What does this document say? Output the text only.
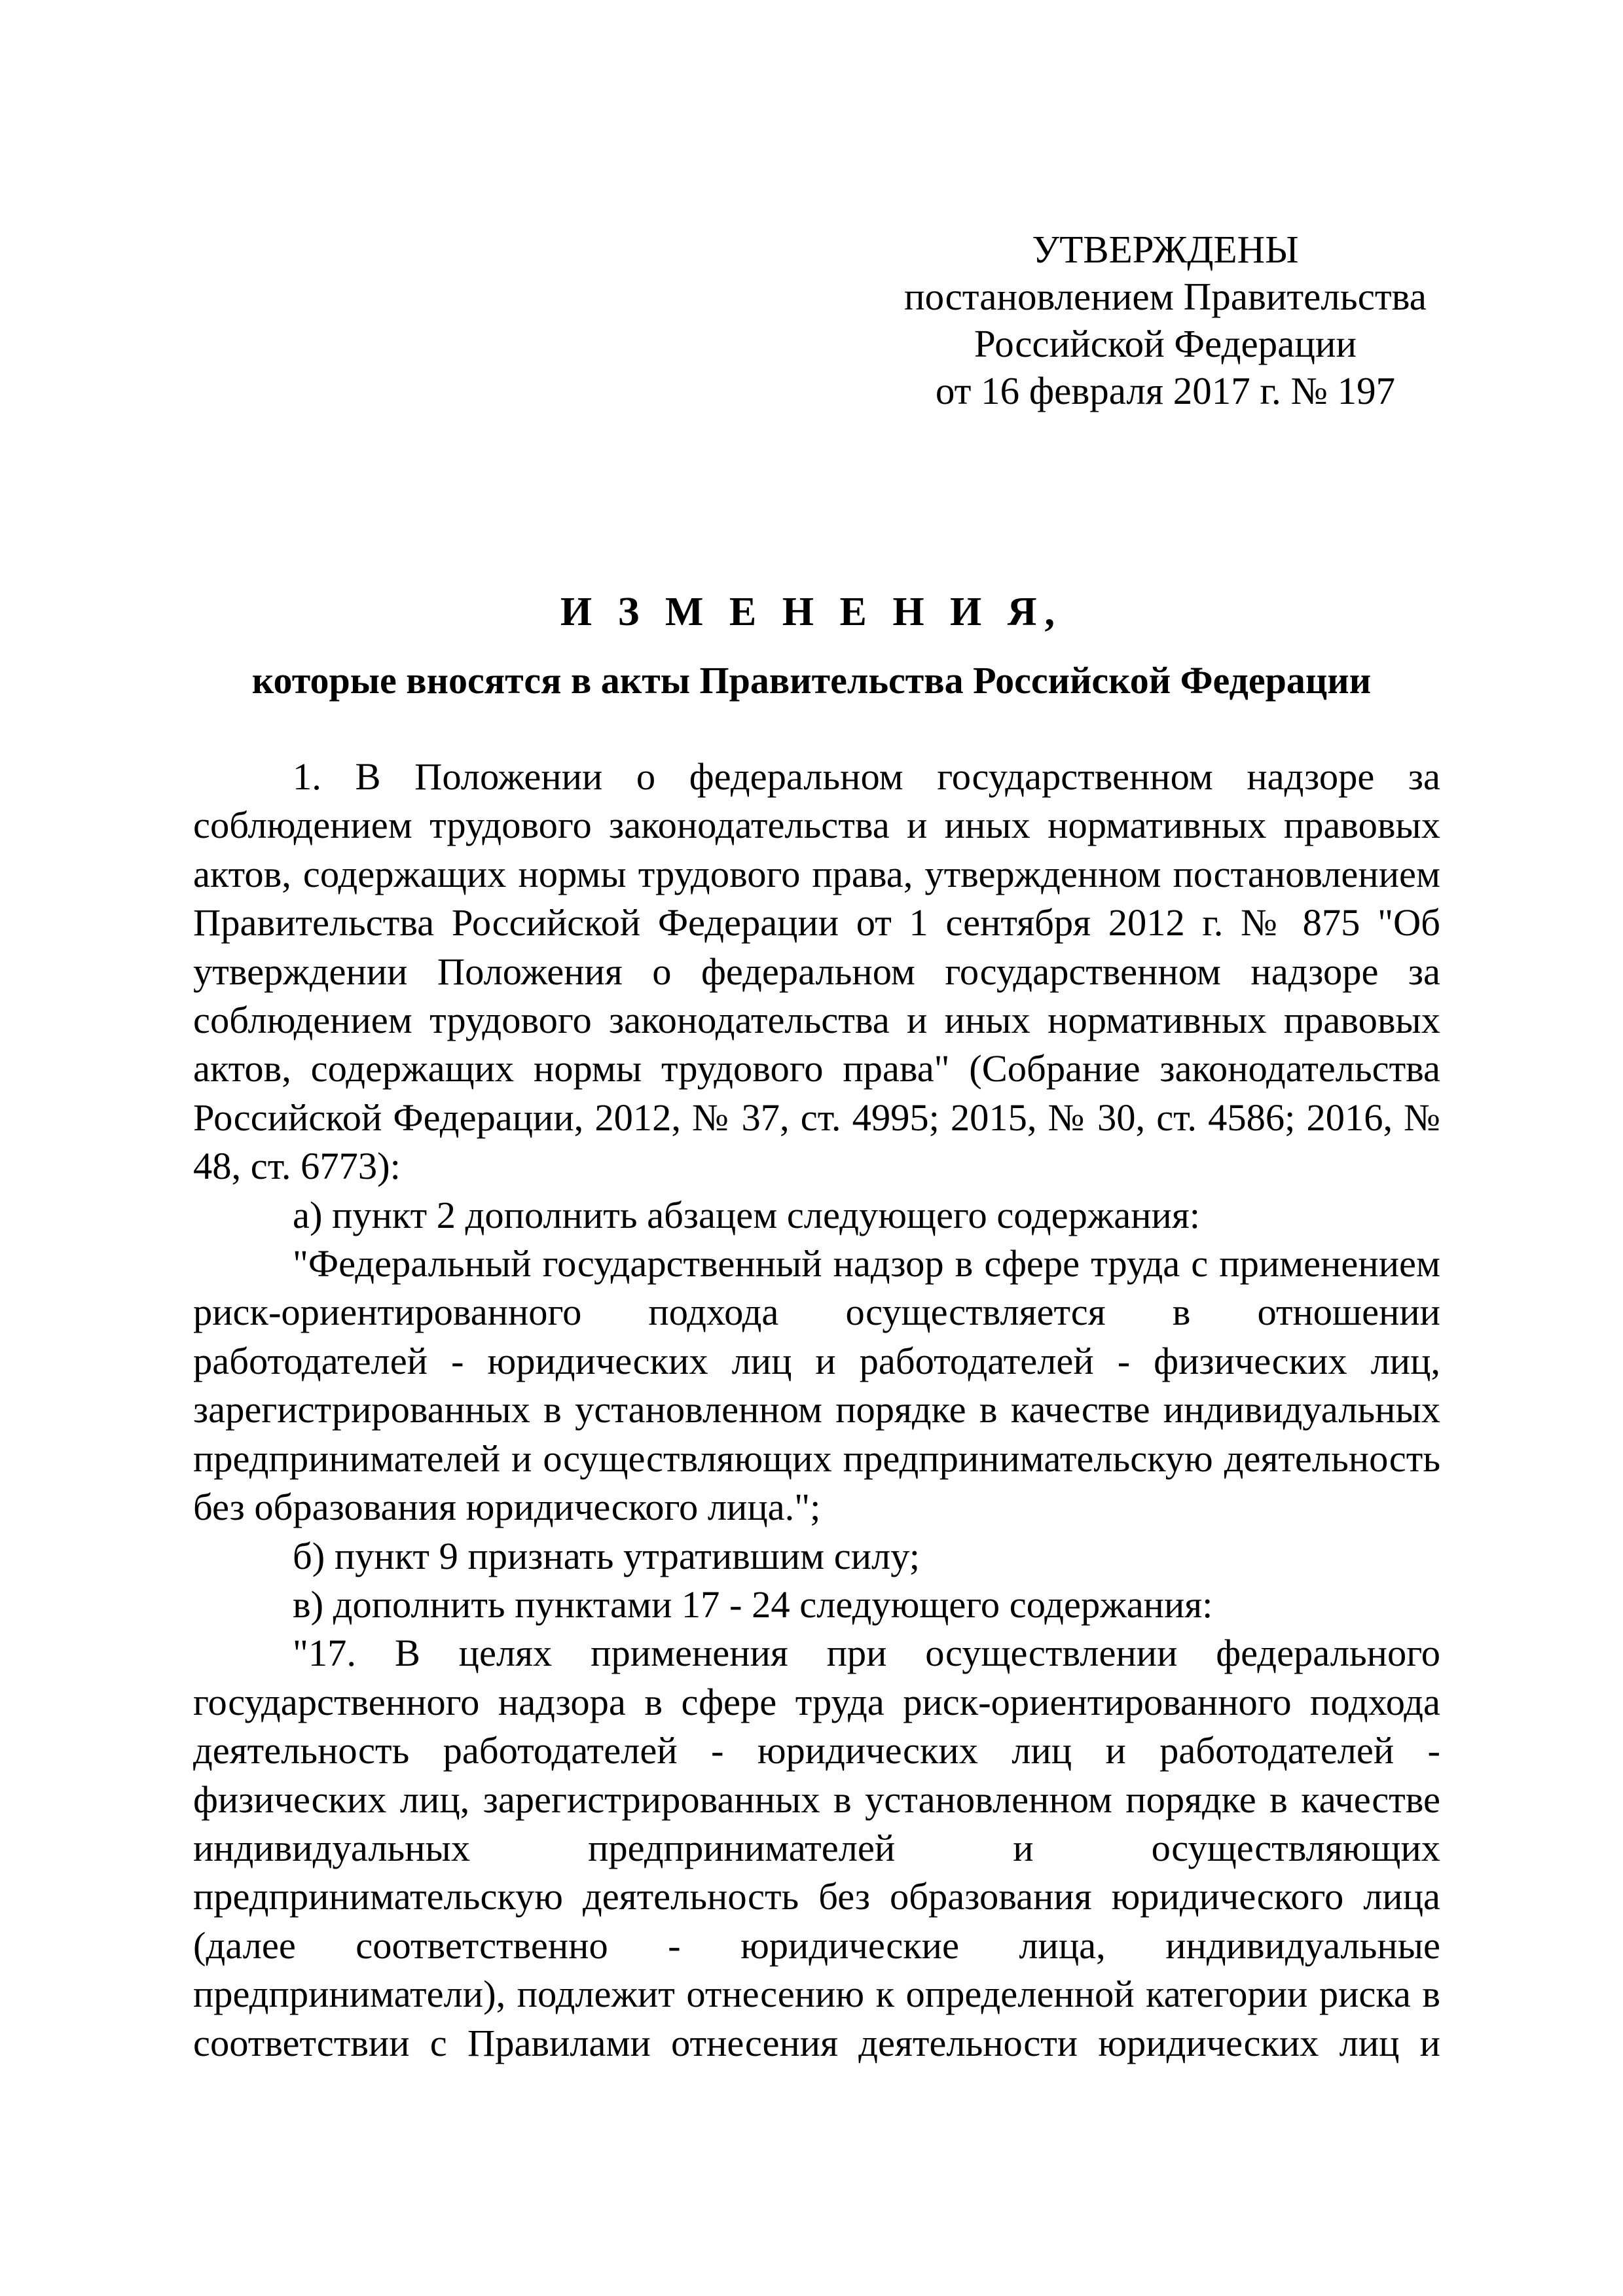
УТВЕРЖДЕНЫ
постановлением Правительства
Российской Федерации
от 16 февраля 2017 г. № 197
И З М Е Н Е Н И Я,
которые вносятся в акты Правительства Российской Федерации

1. В Положении о федеральном государственном надзоре за соблюдением трудового законодательства и иных нормативных правовых актов, содержащих нормы трудового права, утвержденном постановлением Правительства Российской Федерации от 1 сентября 2012 г. № 875 "Об утверждении Положения о федеральном государственном надзоре за соблюдением трудового законодательства и иных нормативных правовых актов, содержащих нормы трудового права" (Собрание законодательства Российской Федерации, 2012, № 37, ст. 4995; 2015, № 30, ст. 4586; 2016, № 48, ст. 6773):

а) пункт 2 дополнить абзацем следующего содержания:

"Федеральный государственный надзор в сфере труда с применением риск-ориентированного подхода осуществляется в отношении работодателей - юридических лиц и работодателей - физических лиц, зарегистрированных в установленном порядке в качестве индивидуальных предпринимателей и осуществляющих предпринимательскую деятельность без образования юридического лица.";

б) пункт 9 признать утратившим силу;

в) дополнить пунктами 17 - 24 следующего содержания:

"17. В целях применения при осуществлении федерального государственного надзора в сфере труда риск-ориентированного подхода деятельность работодателей - юридических лиц и работодателей - физических лиц, зарегистрированных в установленном порядке в качестве индивидуальных предпринимателей и осуществляющих предпринимательскую деятельность без образования юридического лица (далее соответственно - юридические лица, индивидуальные предприниматели), подлежит отнесению к определенной категории риска в соответствии с Правилами отнесения деятельности юридических лиц и
